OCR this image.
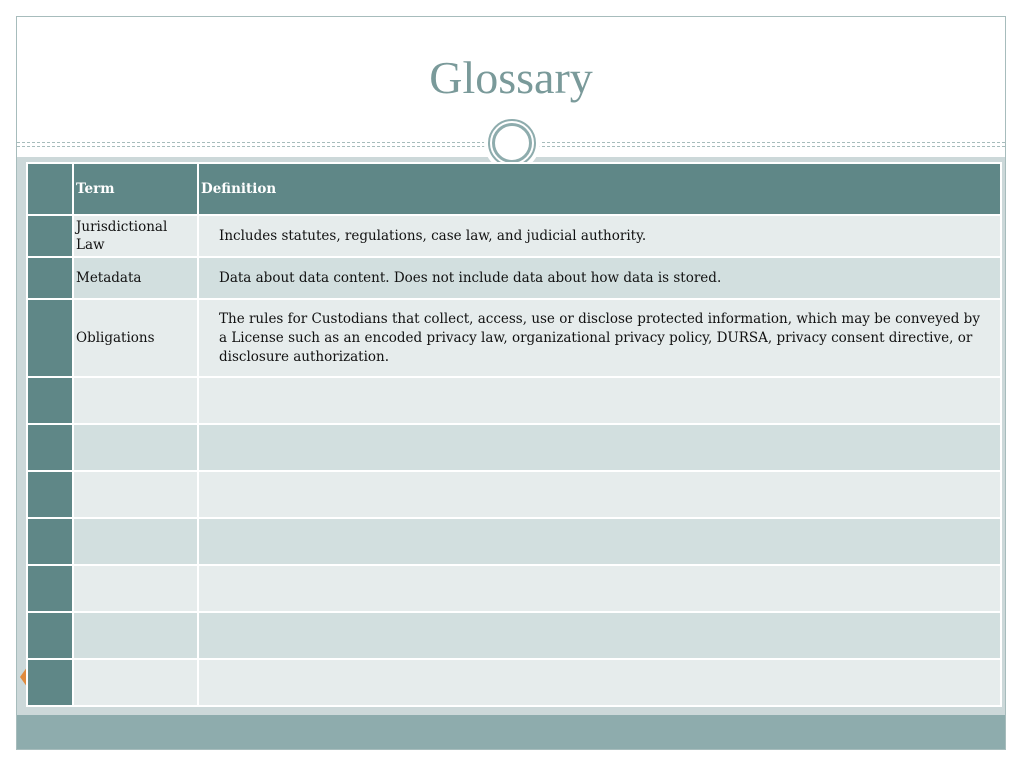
Glossary
	Term	Definition
	Jurisdictional Law	Includes statutes, regulations, case law, and judicial authority.
	Metadata	Data about data content. Does not include data about how data is stored.
	Obligations	The rules for Custodians that collect, access, use or disclose protected information, which may be conveyed by a License such as an encoded privacy law, organizational privacy policy, DURSA, privacy consent directive, or disclosure authorization.
